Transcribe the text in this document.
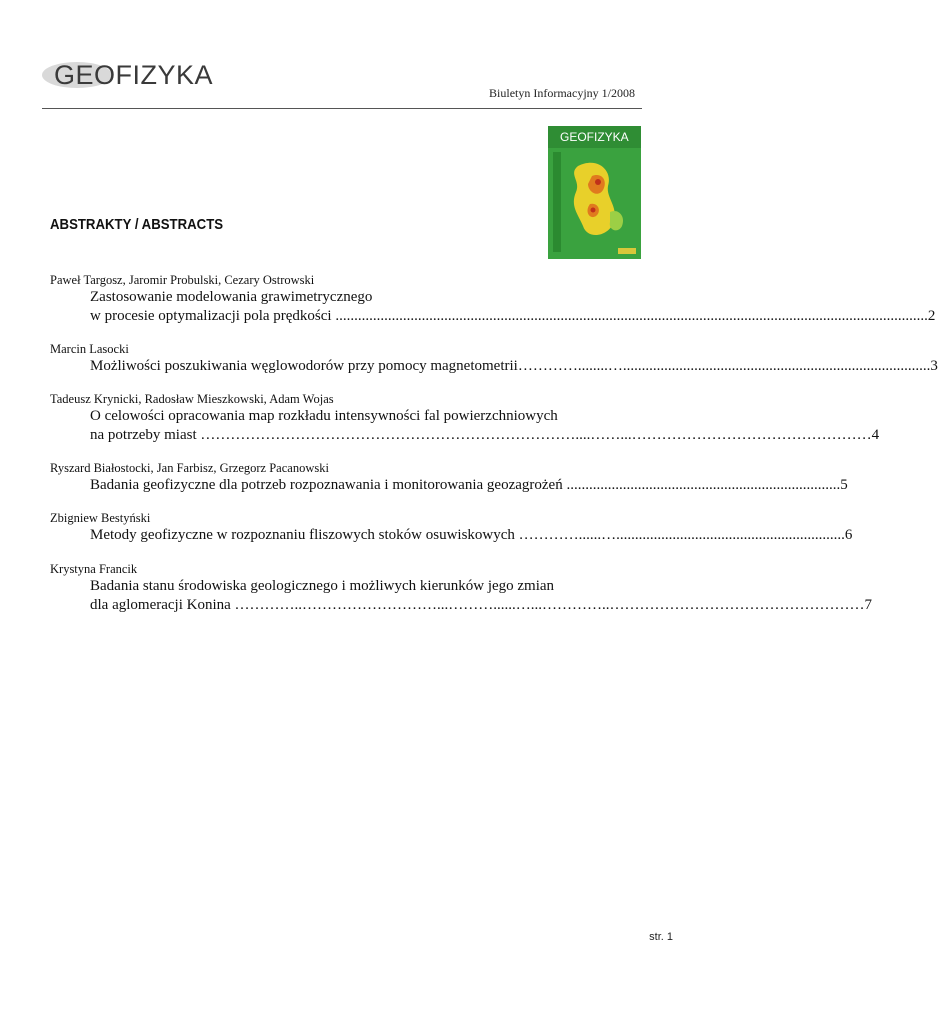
GEOFIZYKA
Biuletyn Informacyjny 1/2008
GEOFIZYKA
ABSTRAKTY / ABSTRACTS
Paweł Targosz, Jaromir Probulski, Cezary Ostrowski
Zastosowanie modelowania grawimetrycznego
w procesie optymalizacji pola prędkości .............................................................................................................................................................. 2
Marcin Lasocki
Możliwości poszukiwania węglowodorów przy pomocy magnetometrii …………........….................................................................................. 3
Tadeusz Krynicki, Radosław Mieszkowski, Adam Wojas
O celowości opracowania map rozkładu intensywności fal powierzchniowych
na potrzeby miast …………………………………………………………………....……...………………………………………… 4
Ryszard Białostocki, Jan Farbisz, Grzegorz Pacanowski
Badania geofizyczne dla potrzeb rozpoznawania i monitorowania geozagrożeń ......................................................................... 5
Zbigniew Bestyński
Metody geofizyczne w rozpoznaniu fliszowych stoków osuwiskowych …………......…............................................................. 6
Krystyna Francik
Badania stanu środowiska geologicznego i możliwych kierunków jego zmian
dla aglomeracji Konina …………..………………………...………......…...…………..…………………………………………… 7
str. 1
